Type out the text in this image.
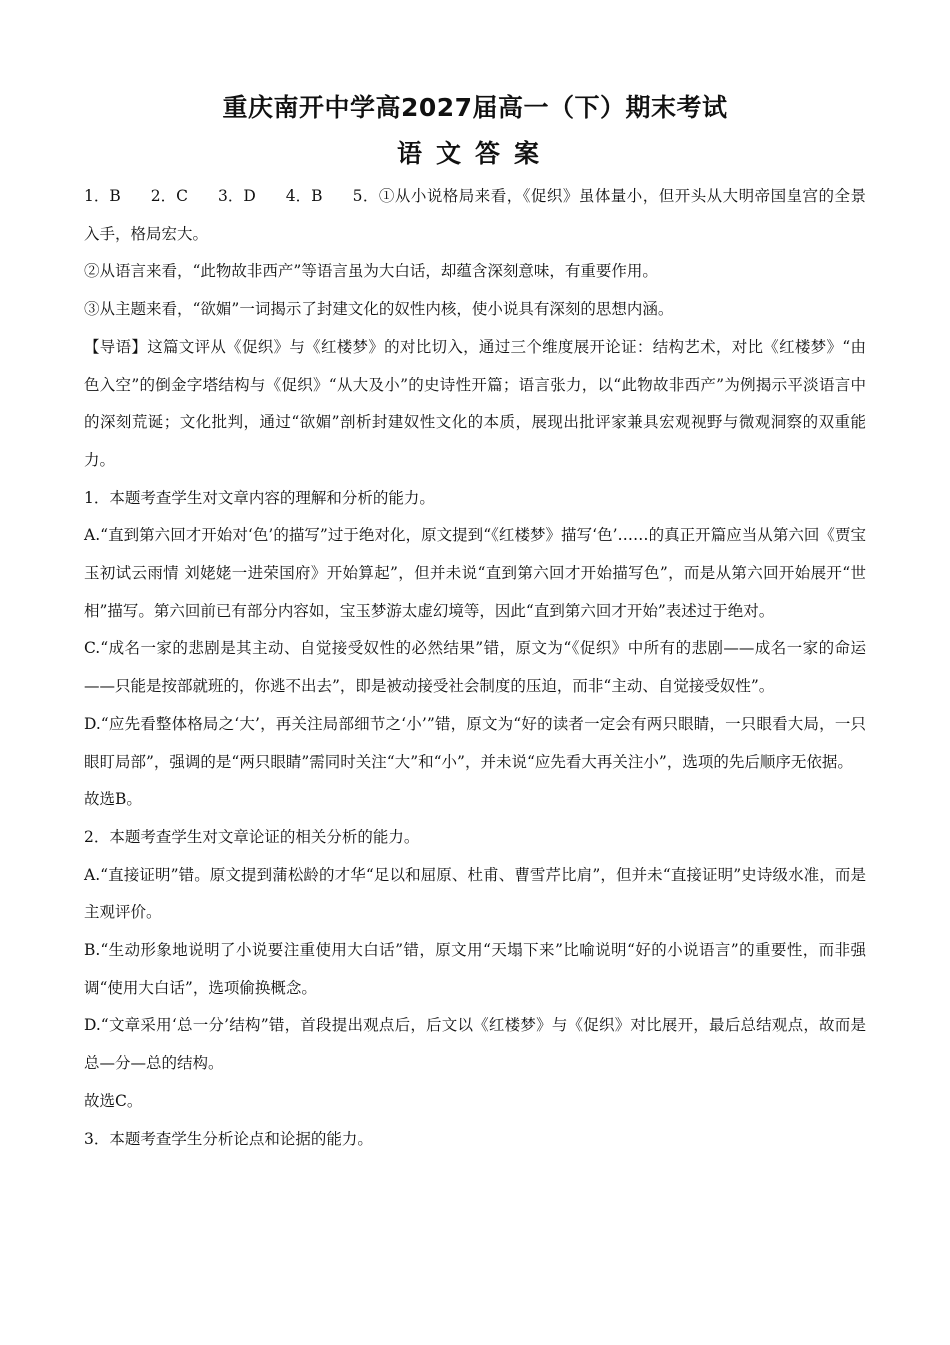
重庆南开中学高2027届高一（下）期末考试
语文答案

1．B 2．C 3．D 4．B 5．①从小说格局来看，《促织》虽体量小，但开头从大明帝国皇宫的全景入手，格局宏大。

②从语言来看，“此物故非西产”等语言虽为大白话，却蕴含深刻意味，有重要作用。

③从主题来看，“欲媚”一词揭示了封建文化的奴性内核，使小说具有深刻的思想内涵。

【导语】这篇文评从《促织》与《红楼梦》的对比切入，通过三个维度展开论证：结构艺术，对比《红楼梦》“由色入空”的倒金字塔结构与《促织》“从大及小”的史诗性开篇；语言张力，以“此物故非西产”为例揭示平淡语言中的深刻荒诞；文化批判，通过“欲媚”剖析封建奴性文化的本质，展现出批评家兼具宏观视野与微观洞察的双重能力。

1．本题考查学生对文章内容的理解和分析的能力。

A.“直到第六回才开始对‘色’的描写”过于绝对化，原文提到“《红楼梦》描写‘色’……的真正开篇应当从第六回《贾宝玉初试云雨情 刘姥姥一进荣国府》开始算起”，但并未说“直到第六回才开始描写色”，而是从第六回开始展开“世相”描写。第六回前已有部分内容如，宝玉梦游太虚幻境等，因此“直到第六回才开始”表述过于绝对。

C.“成名一家的悲剧是其主动、自觉接受奴性的必然结果”错，原文为“《促织》中所有的悲剧——成名一家的命运——只能是按部就班的，你逃不出去”，即是被动接受社会制度的压迫，而非“主动、自觉接受奴性”。

D.“应先看整体格局之‘大’，再关注局部细节之‘小’”错，原文为“好的读者一定会有两只眼睛，一只眼看大局，一只眼盯局部”，强调的是“两只眼睛”需同时关注“大”和“小”，并未说“应先看大再关注小”，选项的先后顺序无依据。

故选B。

2．本题考查学生对文章论证的相关分析的能力。

A.“直接证明”错。原文提到蒲松龄的才华“足以和屈原、杜甫、曹雪芹比肩”，但并未“直接证明”史诗级水准，而是主观评价。

B.“生动形象地说明了小说要注重使用大白话”错，原文用“天塌下来”比喻说明“好的小说语言”的重要性，而非强调“使用大白话”，选项偷换概念。

D.“文章采用‘总一分’结构”错，首段提出观点后，后文以《红楼梦》与《促织》对比展开，最后总结观点，故而是总—分—总的结构。

故选C。

3．本题考查学生分析论点和论据的能力。
